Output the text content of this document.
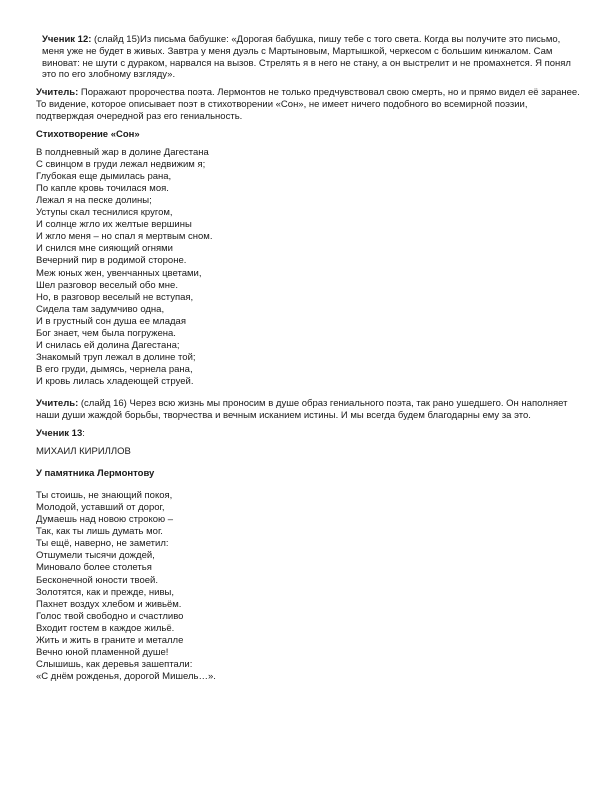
Ученик 12: (слайд 15)Из письма бабушке: «Дорогая бабушка, пишу тебе с того света. Когда вы получите это письмо, меня уже не будет в живых. Завтра у меня дуэль с Мартыновым, Мартышкой, черкесом с большим кинжалом. Сам виноват: не шути с дураком, нарвался на вызов. Стрелять я в него не стану, а он выстрелит и не промахнется. Я понял это по его злобному взгляду».

Учитель: Поражают пророчества поэта. Лермонтов не только предчувствовал свою смерть, но и прямо видел её заранее. То видение, которое описывает поэт в стихотворении «Сон», не имеет ничего подобного во всемирной поэзии, подтверждая очередной раз его гениальность.

Стихотворение «Сон»
В полдневный жар в долине Дагестана
С свинцом в груди лежал недвижим я;
Глубокая еще дымилась рана,
По капле кровь точилася моя.
Лежал я на песке долины;
Уступы скал теснилися кругом,
И солнце жгло их желтые вершины
И жгло меня – но спал я мертвым сном.
И снился мне сияющий огнями
Вечерний пир в родимой стороне.
Меж юных жен, увенчанных цветами,
Шел разговор веселый обо мне.
Но, в разговор веселый не вступая,
Сидела там задумчиво одна,
И в грустный сон душа ее младая
Бог знает, чем была погружена.
И снилась ей долина Дагестана;
Знакомый труп лежал в долине той;
В его груди, дымясь, чернела рана,
И кровь лилась хладеющей струей.

Учитель: (слайд 16) Через всю жизнь мы проносим в душе образ гениального поэта, так рано ушедшего. Он наполняет наши души жаждой борьбы, творчества и вечным исканием истины. И мы всегда будем благодарны ему за это.

Ученик 13:

МИХАИЛ КИРИЛЛОВ
У памятника Лермонтову
Ты стоишь, не знающий покоя,
Молодой, уставший от дорог,
Думаешь над новою строкою –
Так, как ты лишь думать мог.
Ты ещё, наверно, не заметил:
Отшумели тысячи дождей,
Миновало более столетья
Бесконечной юности твоей.
Золотятся, как и прежде, нивы,
Пахнет воздух хлебом и живьём.
Голос твой свободно и счастливо
Входит гостем в каждое жильё.
Жить и жить в граните и металле
Вечно юной пламенной душе!
Слышишь, как деревья зашептали:
«С днём рожденья, дорогой Мишель…».
